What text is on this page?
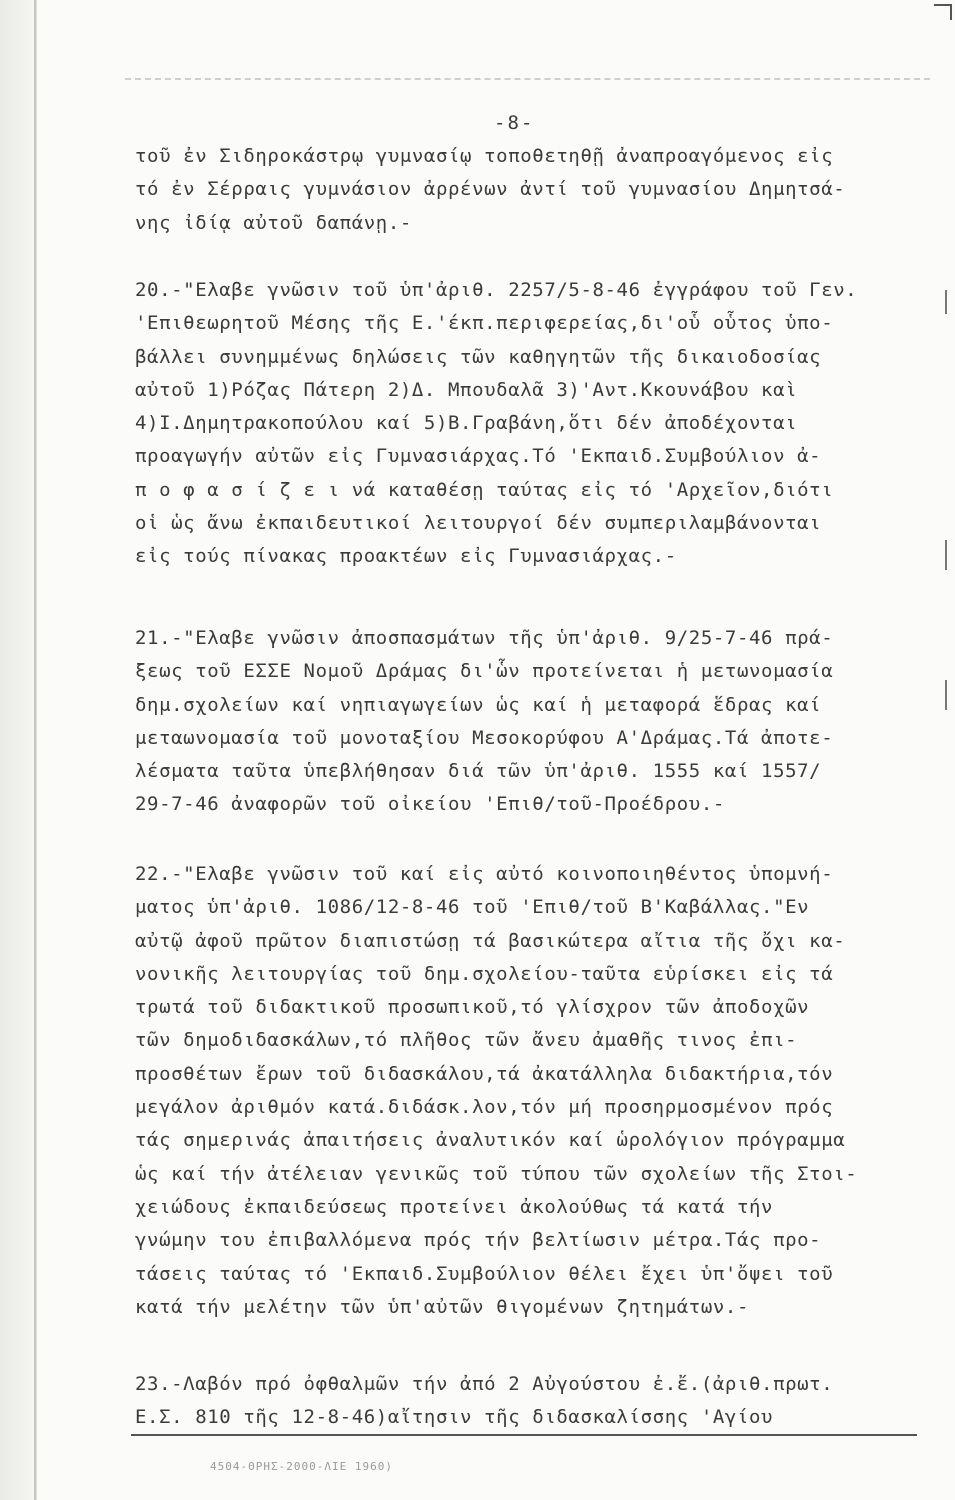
-8-
τοῦ ἐν Σιδηροκάστρῳ γυμνασίῳ τοποθετηθῇ ἀναπροαγόμενος εἰς
τό ἐν Σέρραις γυμνάσιον ἀρρένων ἀντί τοῦ γυμνασίου Δημητσά-
νης ἰδίᾳ αὐτοῦ δαπάνῃ.-
20.-"Ελαβε γνῶσιν τοῦ ὑπ'ἀριθ. 2257/5-8-46 ἐγγράφου τοῦ Γεν.
'Επιθεωρητοῦ Μέσης τῆς Ε.'έκπ.περιφερείας,δι'οὗ οὗτος ὑπο-
βάλλει συνημμένως δηλώσεις τῶν καθηγητῶν τῆς δικαιοδοσίας
αὐτοῦ 1)Ρόζας Πάτερη 2)Δ. Μπουδαλᾶ 3)'Αντ.Κκουνάβου καὶ
4)Ι.Δημητρακοπούλου καί 5)Β.Γραβάνη,ὅτι δέν ἀποδέχονται
προαγωγήν αὐτῶν εἰς Γυμνασιάρχας.Τό 'Εκπαιδ.Συμβούλιον ἀ-
π ο φ α σ ί ζ ε ι νά καταθέσῃ ταύτας εἰς τό 'Αρχεῖον,διότι
οἱ ὡς ἄνω ἐκπαιδευτικοί λειτουργοί δέν συμπεριλαμβάνονται
εἰς τούς πίνακας προακτέων εἰς Γυμνασιάρχας.-
21.-"Ελαβε γνῶσιν ἀποσπασμάτων τῆς ὑπ'ἀριθ. 9/25-7-46 πρά-
ξεως τοῦ ΕΣΣΕ Νομοῦ Δράμας δι'ὧν προτείνεται ἡ μετωνομασία
δημ.σχολείων καί νηπιαγωγείων ὡς καί ἡ μεταφορά ἕδρας καί
μεταωνομασία τοῦ μονοταξίου Μεσοκορύφου Α'Δράμας.Τά ἀποτε-
λέσματα ταῦτα ὑπεβλήθησαν διά τῶν ὑπ'ἀριθ. 1555 καί 1557/
29-7-46 ἀναφορῶν τοῦ οἰκείου 'Επιθ/τοῦ-Προέδρου.-
22.-"Ελαβε γνῶσιν τοῦ καί εἰς αὐτό κοινοποιηθέντος ὑπομνή-
ματος ὑπ'ἀριθ. 1086/12-8-46 τοῦ 'Επιθ/τοῦ Β'Καβάλλας."Εν
αὐτῷ ἀφοῦ πρῶτον διαπιστώσῃ τά βασικώτερα αἴτια τῆς ὄχι κα-
νονικῆς λειτουργίας τοῦ δημ.σχολείου-ταῦτα εὑρίσκει εἰς τά
τρωτά τοῦ διδακτικοῦ προσωπικοῦ,τό γλίσχρον τῶν ἀποδοχῶν
τῶν δημοδιδασκάλων,τό πλῆθος τῶν ἄνευ ἀμαθῆς τινος ἐπι-
προσθέτων ἔρων τοῦ διδασκάλου,τά ἀκατάλληλα διδακτήρια,τόν
μεγάλον ἀριθμόν κατά.διδάσκ.λον,τόν μή προσηρμοσμένον πρός
τάς σημερινάς ἀπαιτήσεις ἀναλυτικόν καί ὡρολόγιον πρόγραμμα
ὡς καί τήν ἀτέλειαν γενικῶς τοῦ τύπου τῶν σχολείων τῆς Στοι-
χειώδους ἐκπαιδεύσεως προτείνει ἀκολούθως τά κατά τήν
γνώμην του ἐπιβαλλόμενα πρός τήν βελτίωσιν μέτρα.Τάς προ-
τάσεις ταύτας τό 'Εκπαιδ.Συμβούλιον θέλει ἔχει ὑπ'ὄψει τοῦ
κατά τήν μελέτην τῶν ὑπ'αὐτῶν θιγομένων ζητημάτων.-
23.-Λαβόν πρό ὀφθαλμῶν τήν ἀπό 2 Αὐγούστου ἐ.ἔ.(ἀριθ.πρωτ.
Ε.Σ. 810 τῆς 12-8-46)αἴτησιν τῆς διδασκαλίσσης 'Αγίου
4504-ΘΡΗΣ-2000-ΛΙΕ 1960)
